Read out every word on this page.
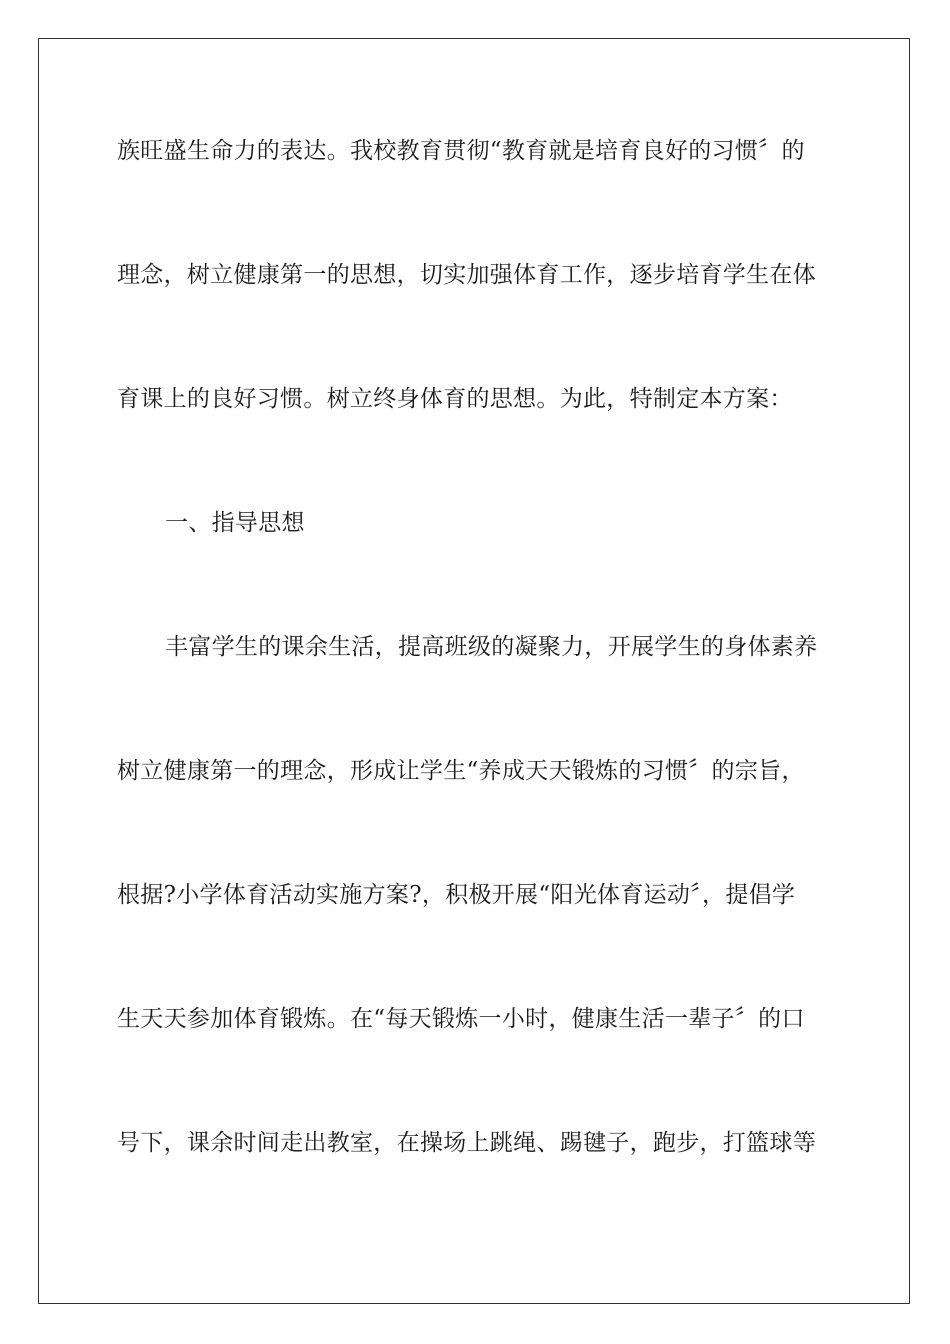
族旺盛生命力的表达。我校教育贯彻“教育就是培育良好的习惯〞的
理念，树立健康第一的思想，切实加强体育工作，逐步培育学生在体
育课上的良好习惯。树立终身体育的思想。为此，特制定本方案：
一、指导思想
丰富学生的课余生活，提高班级的凝聚力，开展学生的身体素养
树立健康第一的理念，形成让学生“养成天天锻炼的习惯〞的宗旨，
根据?小学体育活动实施方案?，积极开展“阳光体育运动〞，提倡学
生天天参加体育锻炼。在“每天锻炼一小时，健康生活一辈子〞的口
号下，课余时间走出教室，在操场上跳绳、踢毽子，跑步，打篮球等
